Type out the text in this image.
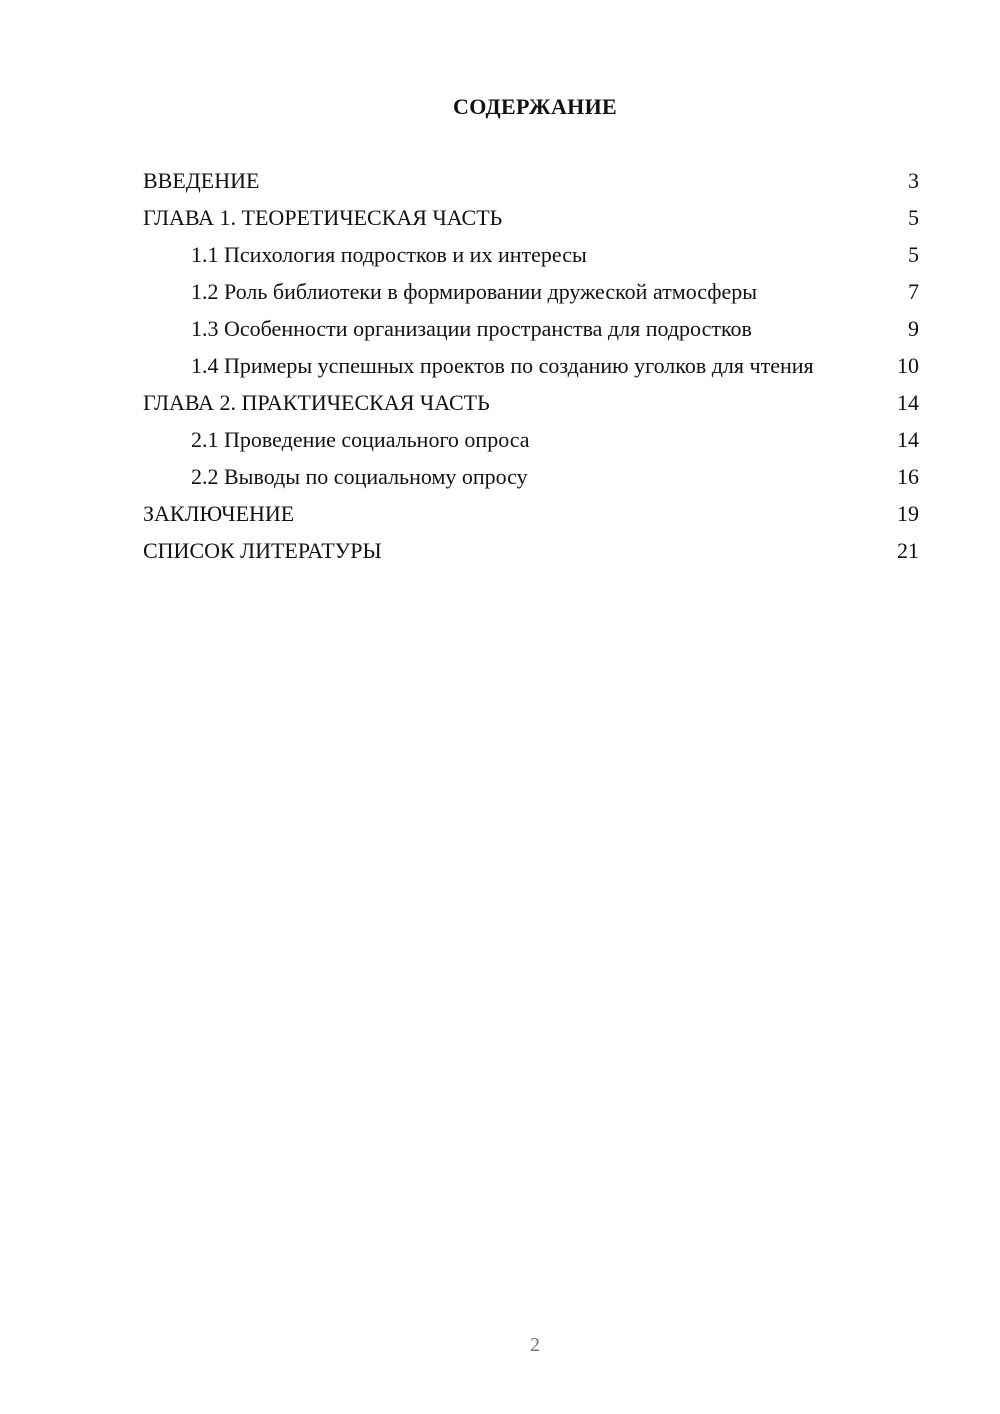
СОДЕРЖАНИЕ
ВВЕДЕНИЕ	3
ГЛАВА 1. ТЕОРЕТИЧЕСКАЯ ЧАСТЬ	5
1.1 Психология подростков и их интересы	5
1.2 Роль библиотеки в формировании дружеской атмосферы	7
1.3 Особенности организации пространства для подростков	9
1.4 Примеры успешных проектов по созданию уголков для чтения	10
ГЛАВА 2. ПРАКТИЧЕСКАЯ ЧАСТЬ	14
2.1 Проведение социального опроса	14
2.2 Выводы по социальному опросу	16
ЗАКЛЮЧЕНИЕ	19
СПИСОК ЛИТЕРАТУРЫ	21
2
